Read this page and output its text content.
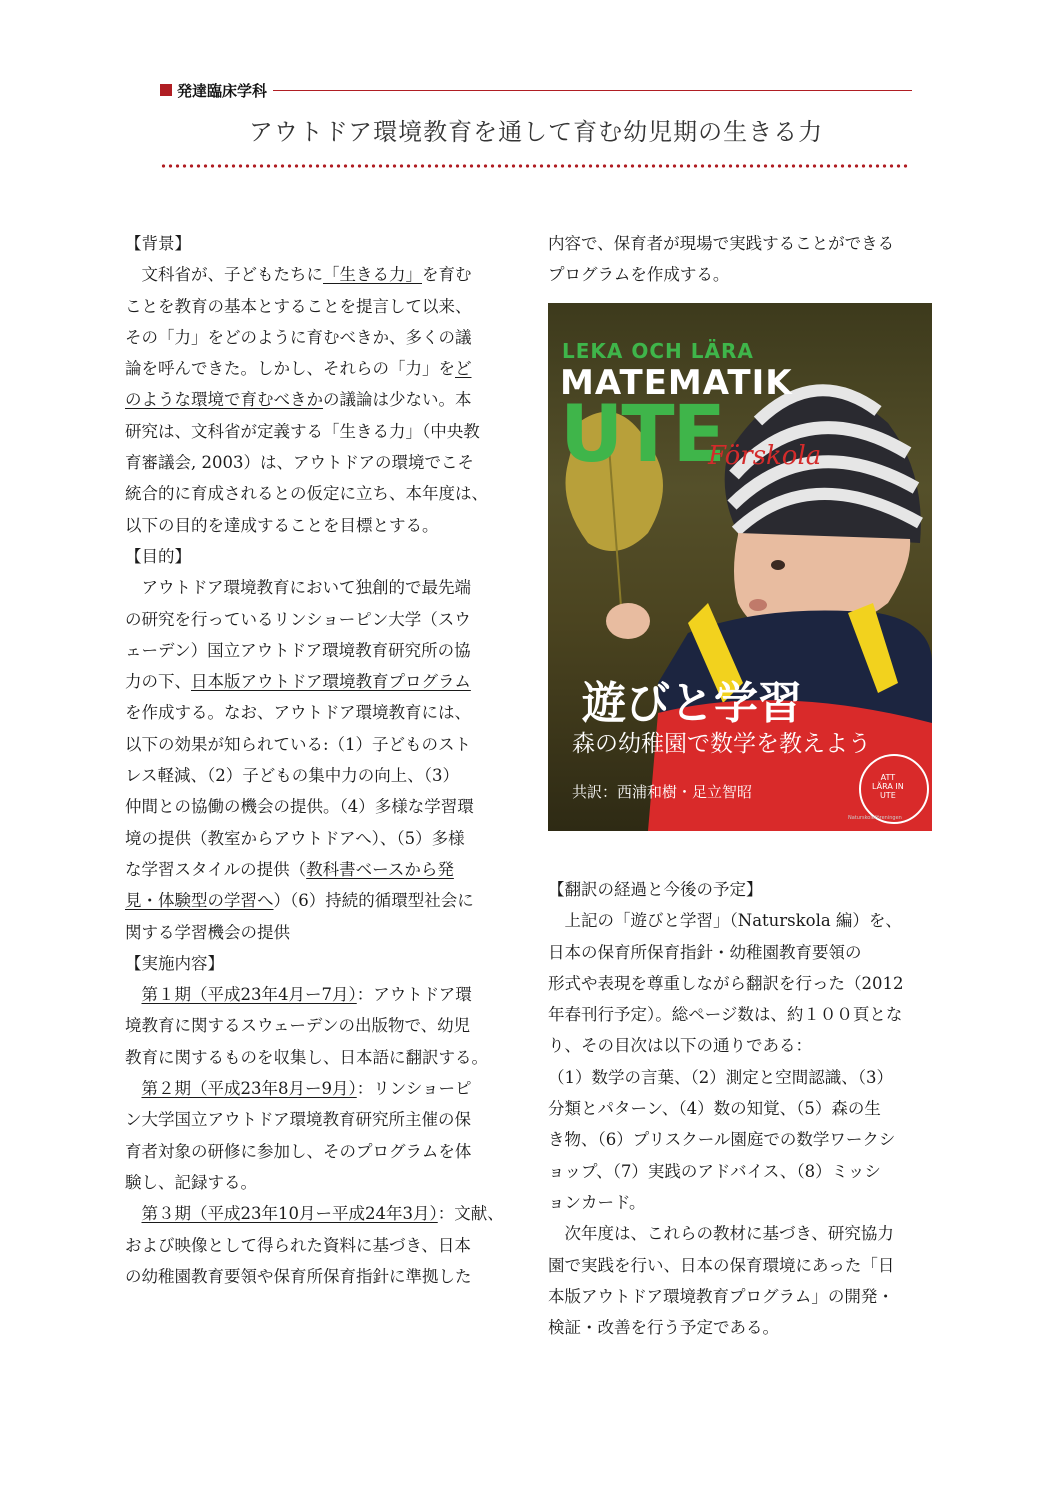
発達臨床学科
アウトドア環境教育を通して育む幼児期の生きる力

【背景】

　文科省が、子どもたちに「生きる力」を育む
ことを教育の基本とすることを提言して以来、
その「力」をどのように育むべきか、多くの議
論を呼んできた。しかし、それらの「力」をど
のような環境で育むべきかの議論は少ない。本
研究は、文科省が定義する「生きる力」（中央教
育審議会, 2003）は、アウトドアの環境でこそ
統合的に育成されるとの仮定に立ち、本年度は、
以下の目的を達成することを目標とする。

【目的】

　アウトドア環境教育において独創的で最先端
の研究を行っているリンショーピン大学（スウ
ェーデン）国立アウトドア環境教育研究所の協
力の下、日本版アウトドア環境教育プログラム
を作成する。なお、アウトドア環境教育には、
以下の効果が知られている:（1）子どものスト
レス軽減、（2）子どもの集中力の向上、（3）
仲間との協働の機会の提供。（4）多様な学習環
境の提供（教室からアウトドアへ）、（5）多様
な学習スタイルの提供（教科書ベースから発
見・体験型の学習へ）（6）持続的循環型社会に
関する学習機会の提供

【実施内容】

　第１期（平成23年4月ー7月）：アウトドア環
境教育に関するスウェーデンの出版物で、幼児
教育に関するものを収集し、日本語に翻訳する。
　第２期（平成23年8月ー9月）：リンショーピ
ン大学国立アウトドア環境教育研究所主催の保
育者対象の研修に参加し、そのプログラムを体
験し、記録する。
　第３期（平成23年10月ー平成24年3月）：文献、
および映像として得られた資料に基づき、日本
の幼稚園教育要領や保育所保育指針に準拠した
内容で、保育者が現場で実践することができる
プログラムを作成する。
LEKA OCH LÄRA
MATEMATIK
UTE
Förskola
遊びと学習
森の幼稚園で数学を教えよう
共訳：西浦和樹・足立智昭
ATT
LÄRA IN
UTE
Naturskoleföreningen

【翻訳の経過と今後の予定】

　上記の「遊びと学習」（Naturskola 編）を、
日本の保育所保育指針・幼稚園教育要領の
形式や表現を尊重しながら翻訳を行った（2012
年春刊行予定）。総ページ数は、約１００頁とな
り、その目次は以下の通りである：
（1）数学の言葉、（2）測定と空間認識、（3）
分類とパターン、（4）数の知覚、（5）森の生
き物、（6）プリスクール園庭での数学ワークシ
ョップ、（7）実践のアドバイス、（8）ミッシ
ョンカード。
　次年度は、これらの教材に基づき、研究協力
園で実践を行い、日本の保育環境にあった「日
本版アウトドア環境教育プログラム」の開発・
検証・改善を行う予定である。
